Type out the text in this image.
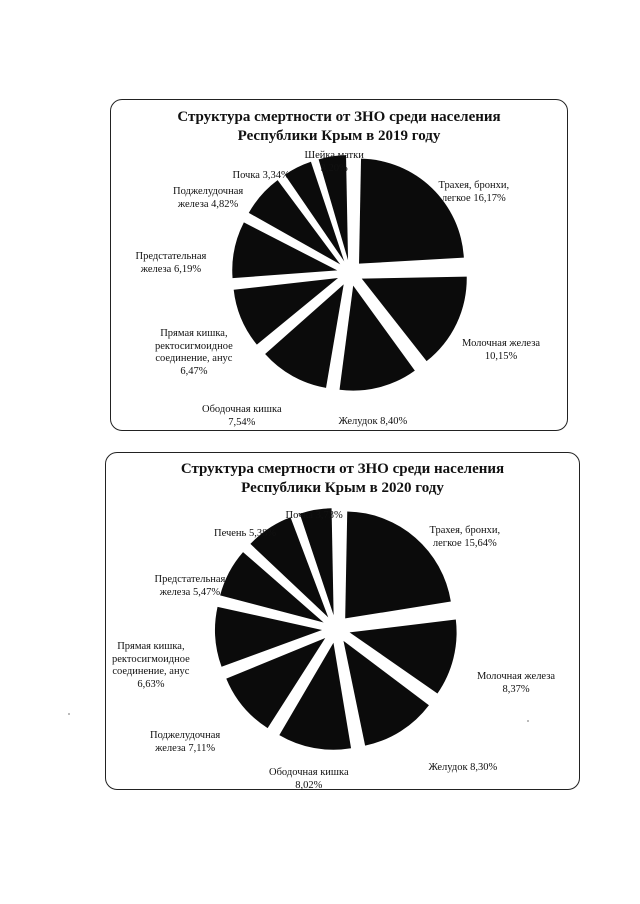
Структура смертности от ЗНО среди населения
Республики Крым в 2019 году
Трахея, бронхи,
легкое 16,17%
Молочная железа
10,15%
Желудок 8,40%
Ободочная кишка
7,54%
Прямая кишка,
ректосигмоидное
соединение, анус
6,47%
Предстательная
железа 6,19%
Поджелудочная
железа 4,82%
Почка 3,34%
Шейка матки
3,20%
Структура смертности от ЗНО среди населения
Республики Крым в 2020 году
Трахея, бронхи,
легкое 15,64%
Молочная железа
8,37%
Желудок 8,30%
Ободочная кишка
8,02%
Поджелудочная
железа 7,11%
Прямая кишка,
ректосигмоидное
соединение, анус
6,63%
Предстательная
железа 5,47%
Печень 5,38%
Почка 3,73%
